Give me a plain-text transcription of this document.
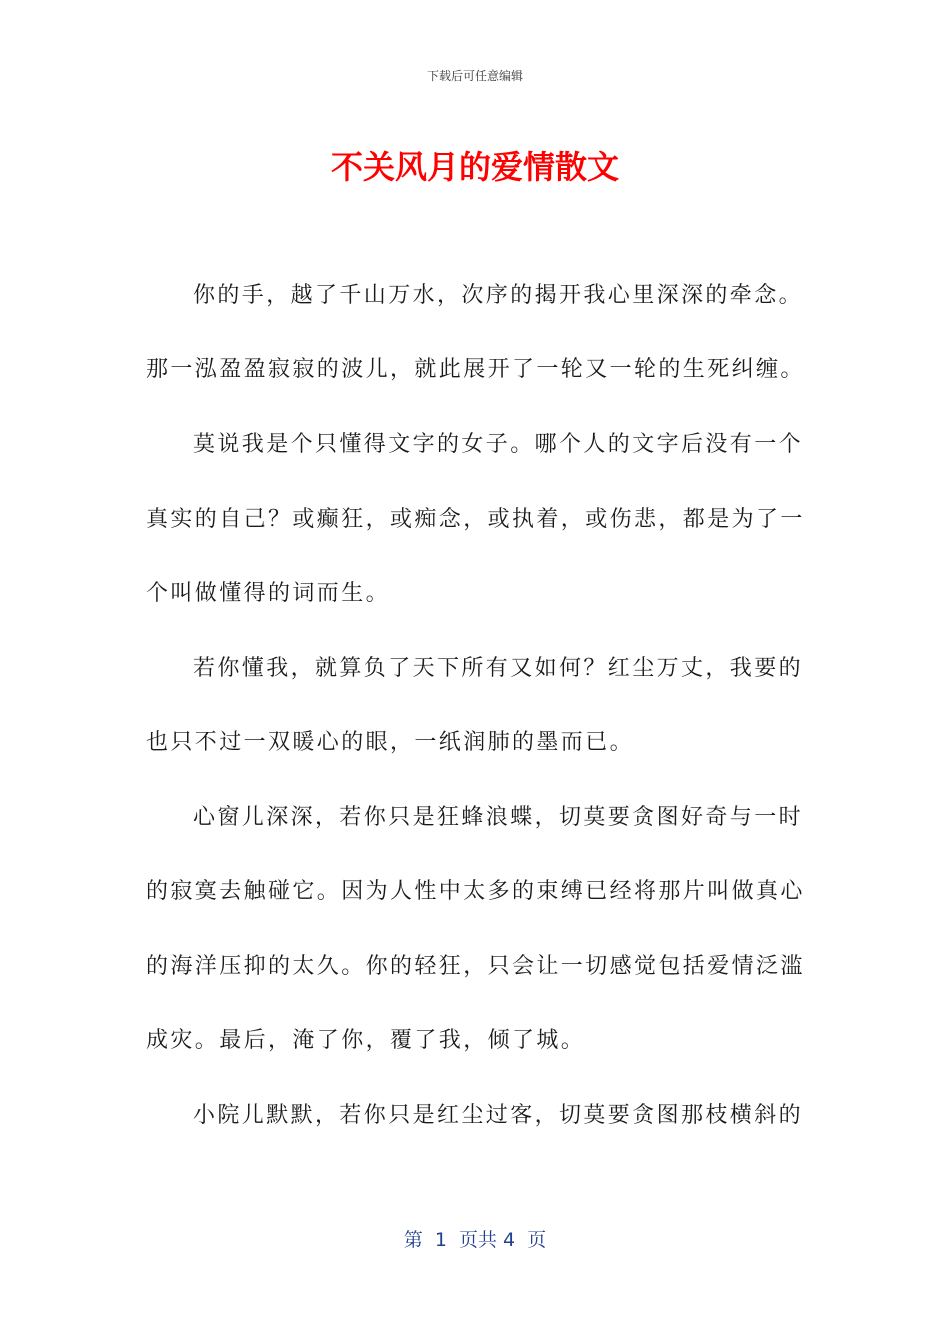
下载后可任意编辑
不关风月的爱情散文
你的手，越了千山万水，次序的揭开我心里深深的牵念。
那一泓盈盈寂寂的波儿，就此展开了一轮又一轮的生死纠缠。
莫说我是个只懂得文字的女子。哪个人的文字后没有一个
真实的自己？或癫狂，或痴念，或执着，或伤悲，都是为了一
个叫做懂得的词而生。
若你懂我，就算负了天下所有又如何？红尘万丈，我要的
也只不过一双暖心的眼，一纸润肺的墨而已。
心窗儿深深，若你只是狂蜂浪蝶，切莫要贪图好奇与一时
的寂寞去触碰它。因为人性中太多的束缚已经将那片叫做真心
的海洋压抑的太久。你的轻狂，只会让一切感觉包括爱情泛滥
成灾。最后，淹了你，覆了我，倾了城。
小院儿默默，若你只是红尘过客，切莫要贪图那枝横斜的
第  1  页共 4  页
